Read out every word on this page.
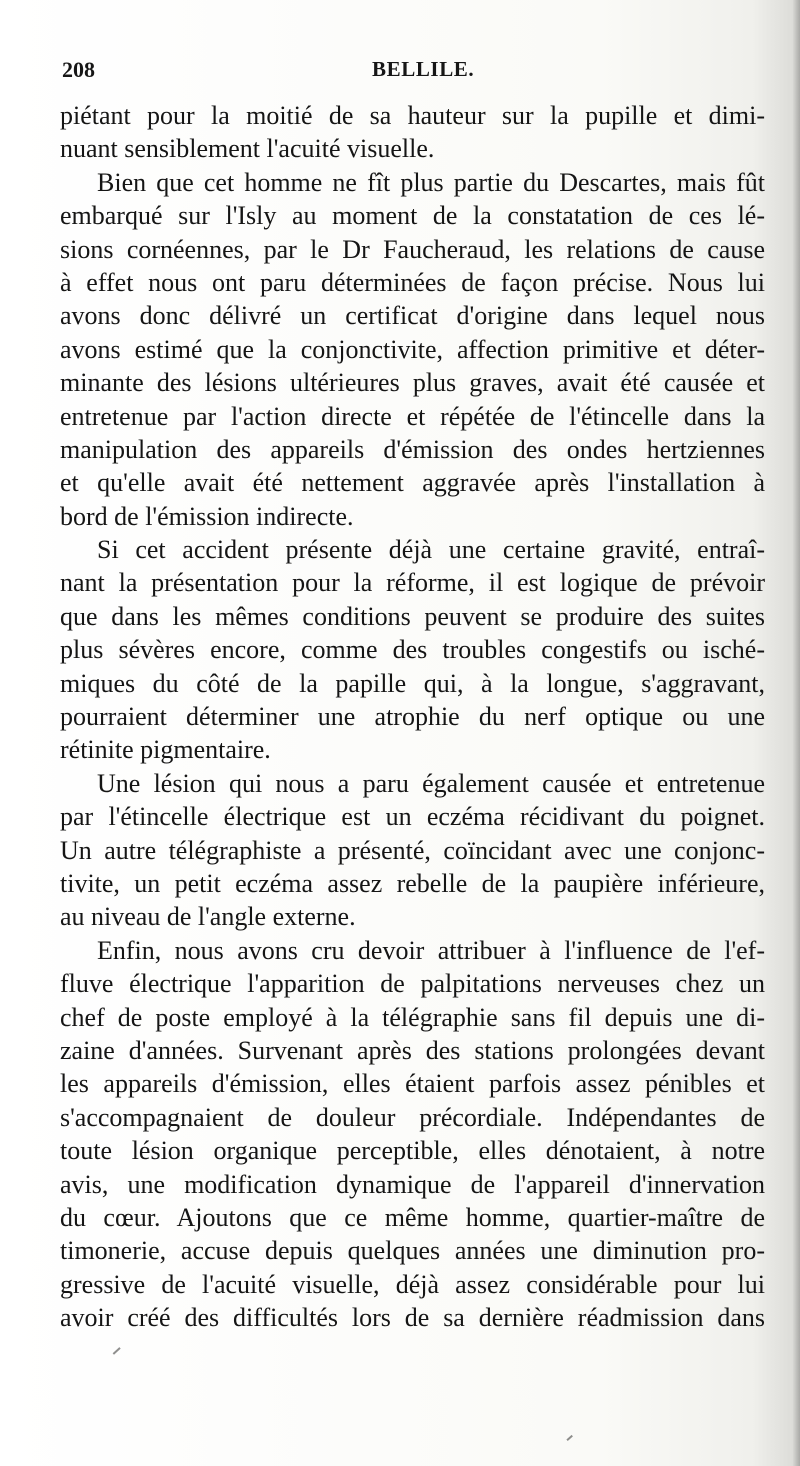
208	BELLILE.
piétant pour la moitié de sa hauteur sur la pupille et dimi-
nuant sensiblement l'acuité visuelle.
Bien que cet homme ne fît plus partie du Descartes, mais fût
embarqué sur l'Isly au moment de la constatation de ces lé-
sions cornéennes, par le Dr Faucheraud, les relations de cause
à effet nous ont paru déterminées de façon précise. Nous lui
avons donc délivré un certificat d'origine dans lequel nous
avons estimé que la conjonctivite, affection primitive et déter-
minante des lésions ultérieures plus graves, avait été causée et
entretenue par l'action directe et répétée de l'étincelle dans la
manipulation des appareils d'émission des ondes hertziennes
et qu'elle avait été nettement aggravée après l'installation à
bord de l'émission indirecte.
Si cet accident présente déjà une certaine gravité, entraî-
nant la présentation pour la réforme, il est logique de prévoir
que dans les mêmes conditions peuvent se produire des suites
plus sévères encore, comme des troubles congestifs ou isché-
miques du côté de la papille qui, à la longue, s'aggravant,
pourraient déterminer une atrophie du nerf optique ou une
rétinite pigmentaire.
Une lésion qui nous a paru également causée et entretenue
par l'étincelle électrique est un eczéma récidivant du poignet.
Un autre télégraphiste a présenté, coïncidant avec une conjonc-
tivite, un petit eczéma assez rebelle de la paupière inférieure,
au niveau de l'angle externe.
Enfin, nous avons cru devoir attribuer à l'influence de l'ef-
fluve électrique l'apparition de palpitations nerveuses chez un
chef de poste employé à la télégraphie sans fil depuis une di-
zaine d'années. Survenant après des stations prolongées devant
les appareils d'émission, elles étaient parfois assez pénibles et
s'accompagnaient de douleur précordiale. Indépendantes de
toute lésion organique perceptible, elles dénotaient, à notre
avis, une modification dynamique de l'appareil d'innervation
du cœur. Ajoutons que ce même homme, quartier-maître de
timonerie, accuse depuis quelques années une diminution pro-
gressive de l'acuité visuelle, déjà assez considérable pour lui
avoir créé des difficultés lors de sa dernière réadmission dans
